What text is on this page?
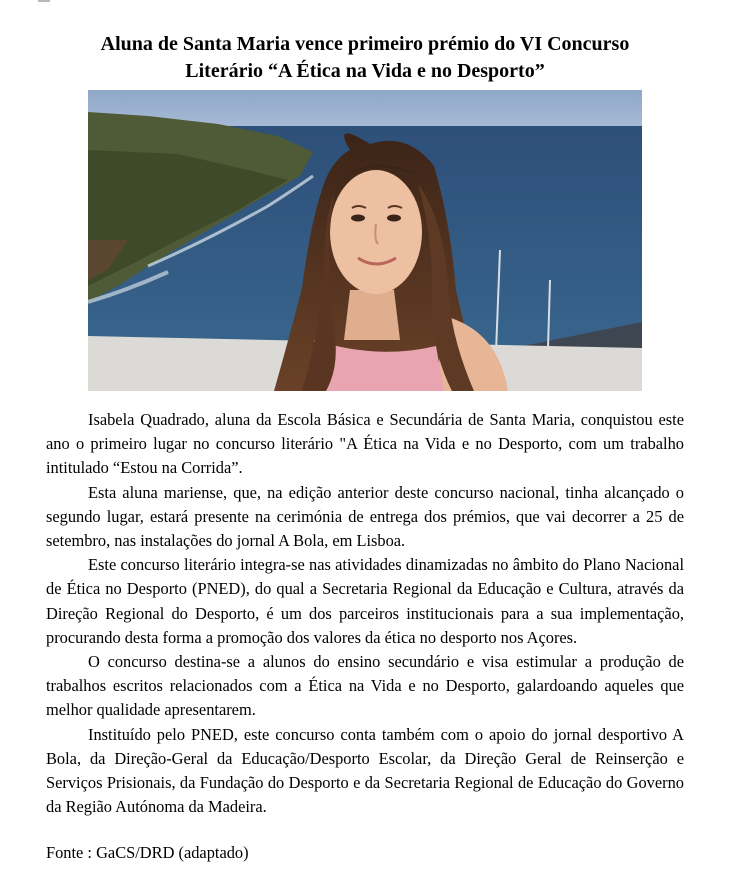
Aluna de Santa Maria vence primeiro prémio do VI Concurso
Literário “A Ética na Vida e no Desporto”

Isabela Quadrado, aluna da Escola Básica e Secundária de Santa Maria, conquistou este ano o primeiro lugar no concurso literário "A Ética na Vida e no Desporto, com um trabalho intitulado “Estou na Corrida”.

Esta aluna mariense, que, na edição anterior deste concurso nacional, tinha alcançado o segundo lugar, estará presente na cerimónia de entrega dos prémios, que vai decorrer a 25 de setembro, nas instalações do jornal A Bola, em Lisboa.

Este concurso literário integra-se nas atividades dinamizadas no âmbito do Plano Nacional de Ética no Desporto (PNED), do qual a Secretaria Regional da Educação e Cultura, através da Direção Regional do Desporto, é um dos parceiros institucionais para a sua implementação, procurando desta forma a promoção dos valores da ética no desporto nos Açores.

O concurso destina-se a alunos do ensino secundário e visa estimular a produção de trabalhos escritos relacionados com a Ética na Vida e no Desporto, galardoando aqueles que melhor qualidade apresentarem.

Instituído pelo PNED, este concurso conta também com o apoio do jornal desportivo A Bola, da Direção-Geral da Educação/Desporto Escolar, da Direção Geral de Reinserção e Serviços Prisionais, da Fundação do Desporto e da Secretaria Regional de Educação do Governo da Região Autónoma da Madeira.

Fonte : GaCS/DRD (adaptado)
